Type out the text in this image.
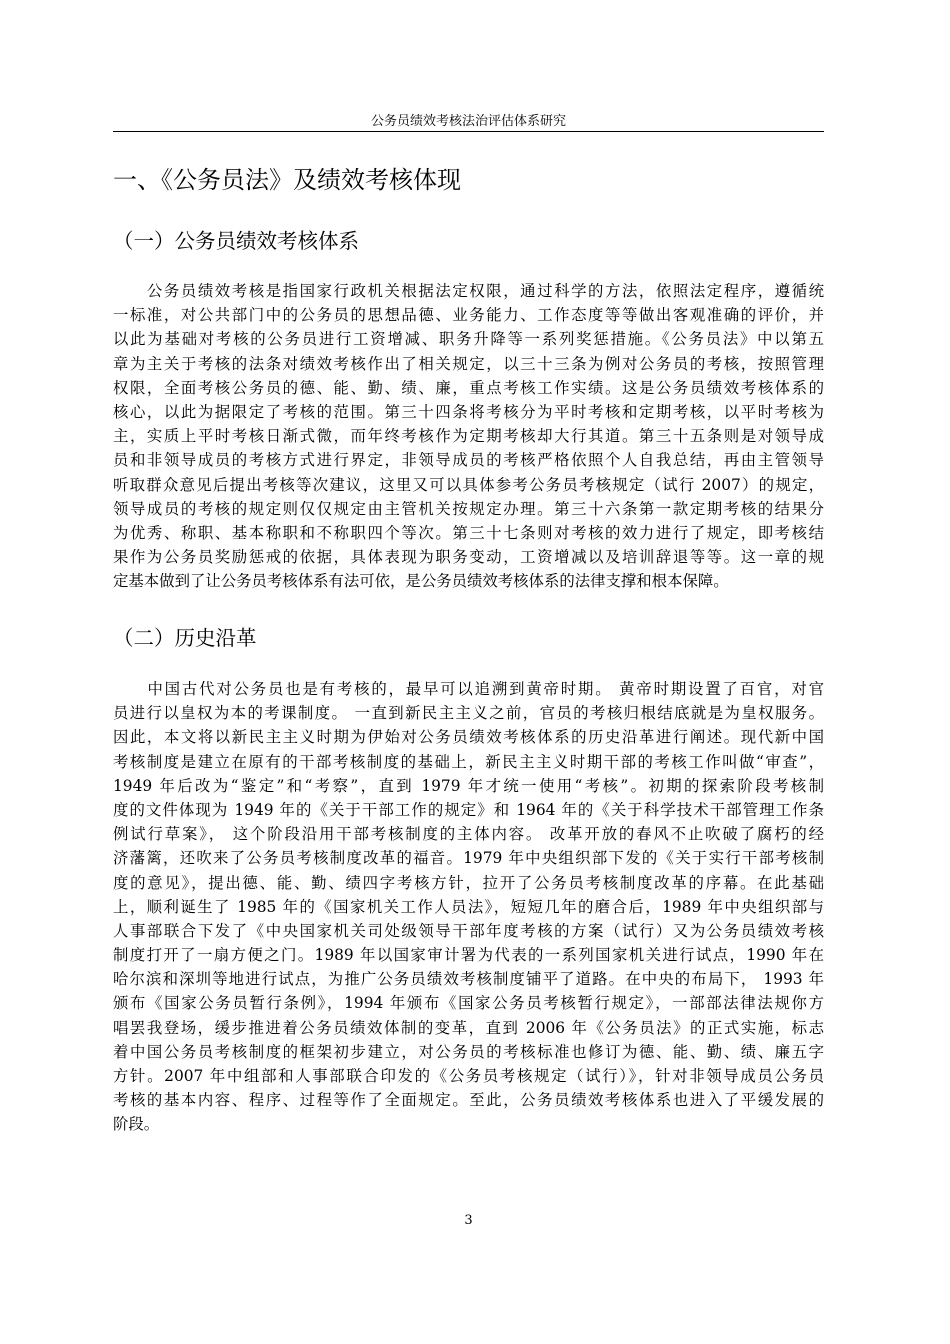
公务员绩效考核法治评估体系研究
一、《公务员法》及绩效考核体现
（一）公务员绩效考核体系
　　公务员绩效考核是指国家行政机关根据法定权限，通过科学的方法，依照法定程序，遵循统
一标准，对公共部门中的公务员的思想品德、业务能力、工作态度等等做出客观准确的评价，并
以此为基础对考核的公务员进行工资增减、职务升降等一系列奖惩措施。《公务员法》中以第五
章为主关于考核的法条对绩效考核作出了相关规定，以三十三条为例对公务员的考核，按照管理
权限，全面考核公务员的德、能、勤、绩、廉，重点考核工作实绩。这是公务员绩效考核体系的
核心，以此为据限定了考核的范围。第三十四条将考核分为平时考核和定期考核，以平时考核为
主，实质上平时考核日渐式微，而年终考核作为定期考核却大行其道。第三十五条则是对领导成
员和非领导成员的考核方式进行界定，非领导成员的考核严格依照个人自我总结，再由主管领导
听取群众意见后提出考核等次建议，这里又可以具体参考公务员考核规定（试行 2007）的规定，
领导成员的考核的规定则仅仅规定由主管机关按规定办理。第三十六条第一款定期考核的结果分
为优秀、称职、基本称职和不称职四个等次。第三十七条则对考核的效力进行了规定，即考核结
果作为公务员奖励惩戒的依据，具体表现为职务变动，工资增减以及培训辞退等等。这一章的规
定基本做到了让公务员考核体系有法可依，是公务员绩效考核体系的法律支撑和根本保障。
（二）历史沿革
　　中国古代对公务员也是有考核的，最早可以追溯到黄帝时期。 黄帝时期设置了百官，对官
员进行以皇权为本的考课制度。 一直到新民主主义之前，官员的考核归根结底就是为皇权服务。
因此，本文将以新民主主义时期为伊始对公务员绩效考核体系的历史沿革进行阐述。现代新中国
考核制度是建立在原有的干部考核制度的基础上，新民主主义时期干部的考核工作叫做“审查”，
1949 年后改为“鉴定”和“考察”，直到 1979 年才统一使用“考核”。初期的探索阶段考核制
度的文件体现为 1949 年的《关于干部工作的规定》和 1964 年的《关于科学技术干部管理工作条
例试行草案》， 这个阶段沿用干部考核制度的主体内容。 改革开放的春风不止吹破了腐朽的经
济藩篱，还吹来了公务员考核制度改革的福音。1979 年中央组织部下发的《关于实行干部考核制
度的意见》，提出德、能、勤、绩四字考核方针，拉开了公务员考核制度改革的序幕。在此基础
上，顺利诞生了 1985 年的《国家机关工作人员法》，短短几年的磨合后，1989 年中央组织部与
人事部联合下发了《中央国家机关司处级领导干部年度考核的方案（试行）又为公务员绩效考核
制度打开了一扇方便之门。1989 年以国家审计署为代表的一系列国家机关进行试点，1990 年在
哈尔滨和深圳等地进行试点，为推广公务员绩效考核制度铺平了道路。在中央的布局下， 1993 年
颁布《国家公务员暂行条例》，1994 年颁布《国家公务员考核暂行规定》，一部部法律法规你方
唱罢我登场，缓步推进着公务员绩效体制的变革，直到 2006 年《公务员法》的正式实施，标志
着中国公务员考核制度的框架初步建立，对公务员的考核标准也修订为德、能、勤、绩、廉五字
方针。2007 年中组部和人事部联合印发的《公务员考核规定（试行）》，针对非领导成员公务员
考核的基本内容、程序、过程等作了全面规定。至此，公务员绩效考核体系也进入了平缓发展的
阶段。
3
